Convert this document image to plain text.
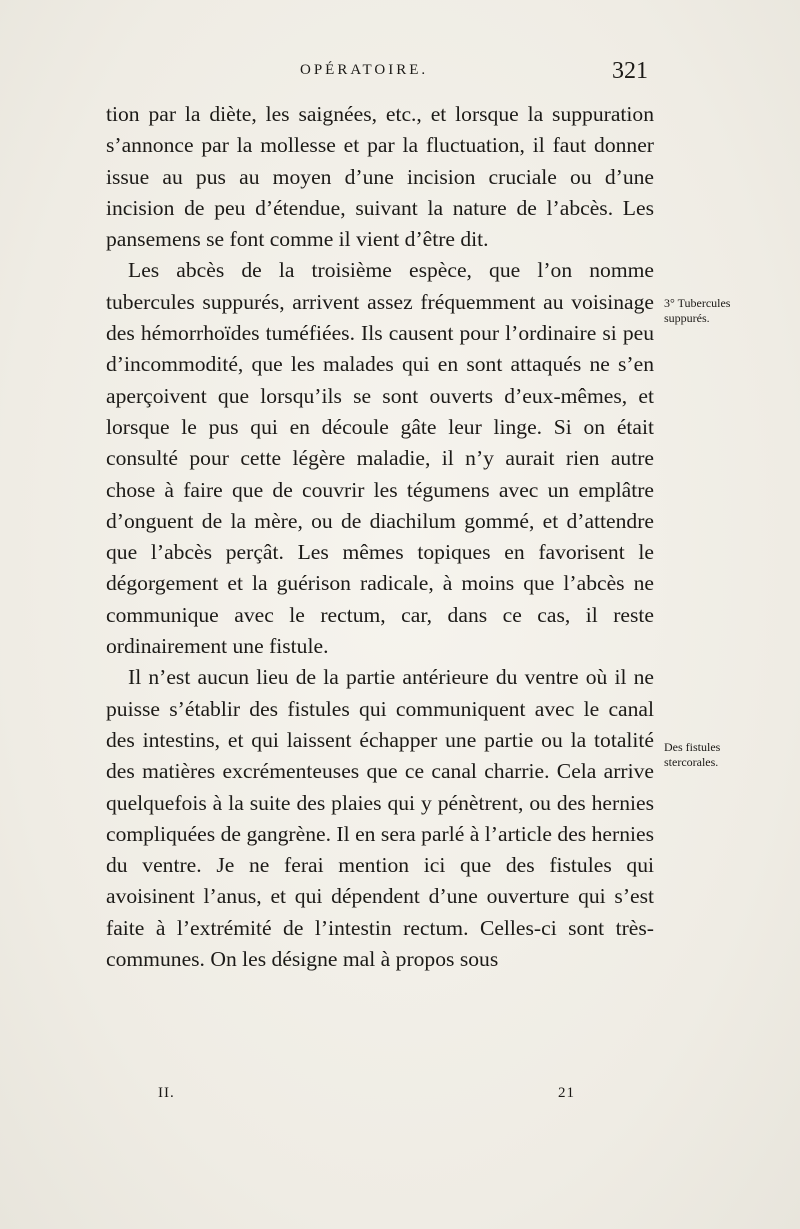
OPÉRATOIRE.	321

tion par la diète, les saignées, etc., et lorsque la suppuration s’annonce par la mollesse et par la fluctuation, il faut donner issue au pus au moyen d’une incision cruciale ou d’une incision de peu d’étendue, suivant la nature de l’abcès. Les pansemens se font comme il vient d’être dit.

Les abcès de la troisième espèce, que l’on nomme tubercules suppurés, arrivent assez fréquemment au voisinage des hémorrhoïdes tuméfiées. Ils causent pour l’ordinaire si peu d’incommodité, que les malades qui en sont attaqués ne s’en aperçoivent que lorsqu’ils se sont ouverts d’eux-mêmes, et lorsque le pus qui en découle gâte leur linge. Si on était consulté pour cette légère maladie, il n’y aurait rien autre chose à faire que de couvrir les tégumens avec un emplâtre d’onguent de la mère, ou de diachilum gommé, et d’attendre que l’abcès perçât. Les mêmes topiques en favorisent le dégorgement et la guérison radicale, à moins que l’abcès ne communique avec le rectum, car, dans ce cas, il reste ordinairement une fistule.

Il n’est aucun lieu de la partie antérieure du ventre où il ne puisse s’établir des fistules qui communiquent avec le canal des intestins, et qui laissent échapper une partie ou la totalité des matières excrémenteuses que ce canal charrie. Cela arrive quelquefois à la suite des plaies qui y pénètrent, ou des hernies compliquées de gangrène. Il en sera parlé à l’article des hernies du ventre. Je ne ferai mention ici que des fistules qui avoisinent l’anus, et qui dépendent d’une ouverture qui s’est faite à l’extrémité de l’intestin rectum. Celles-ci sont très-communes. On les désigne mal à propos sous

3° Tubercules suppurés.
Des fistules stercorales.
II.	21
